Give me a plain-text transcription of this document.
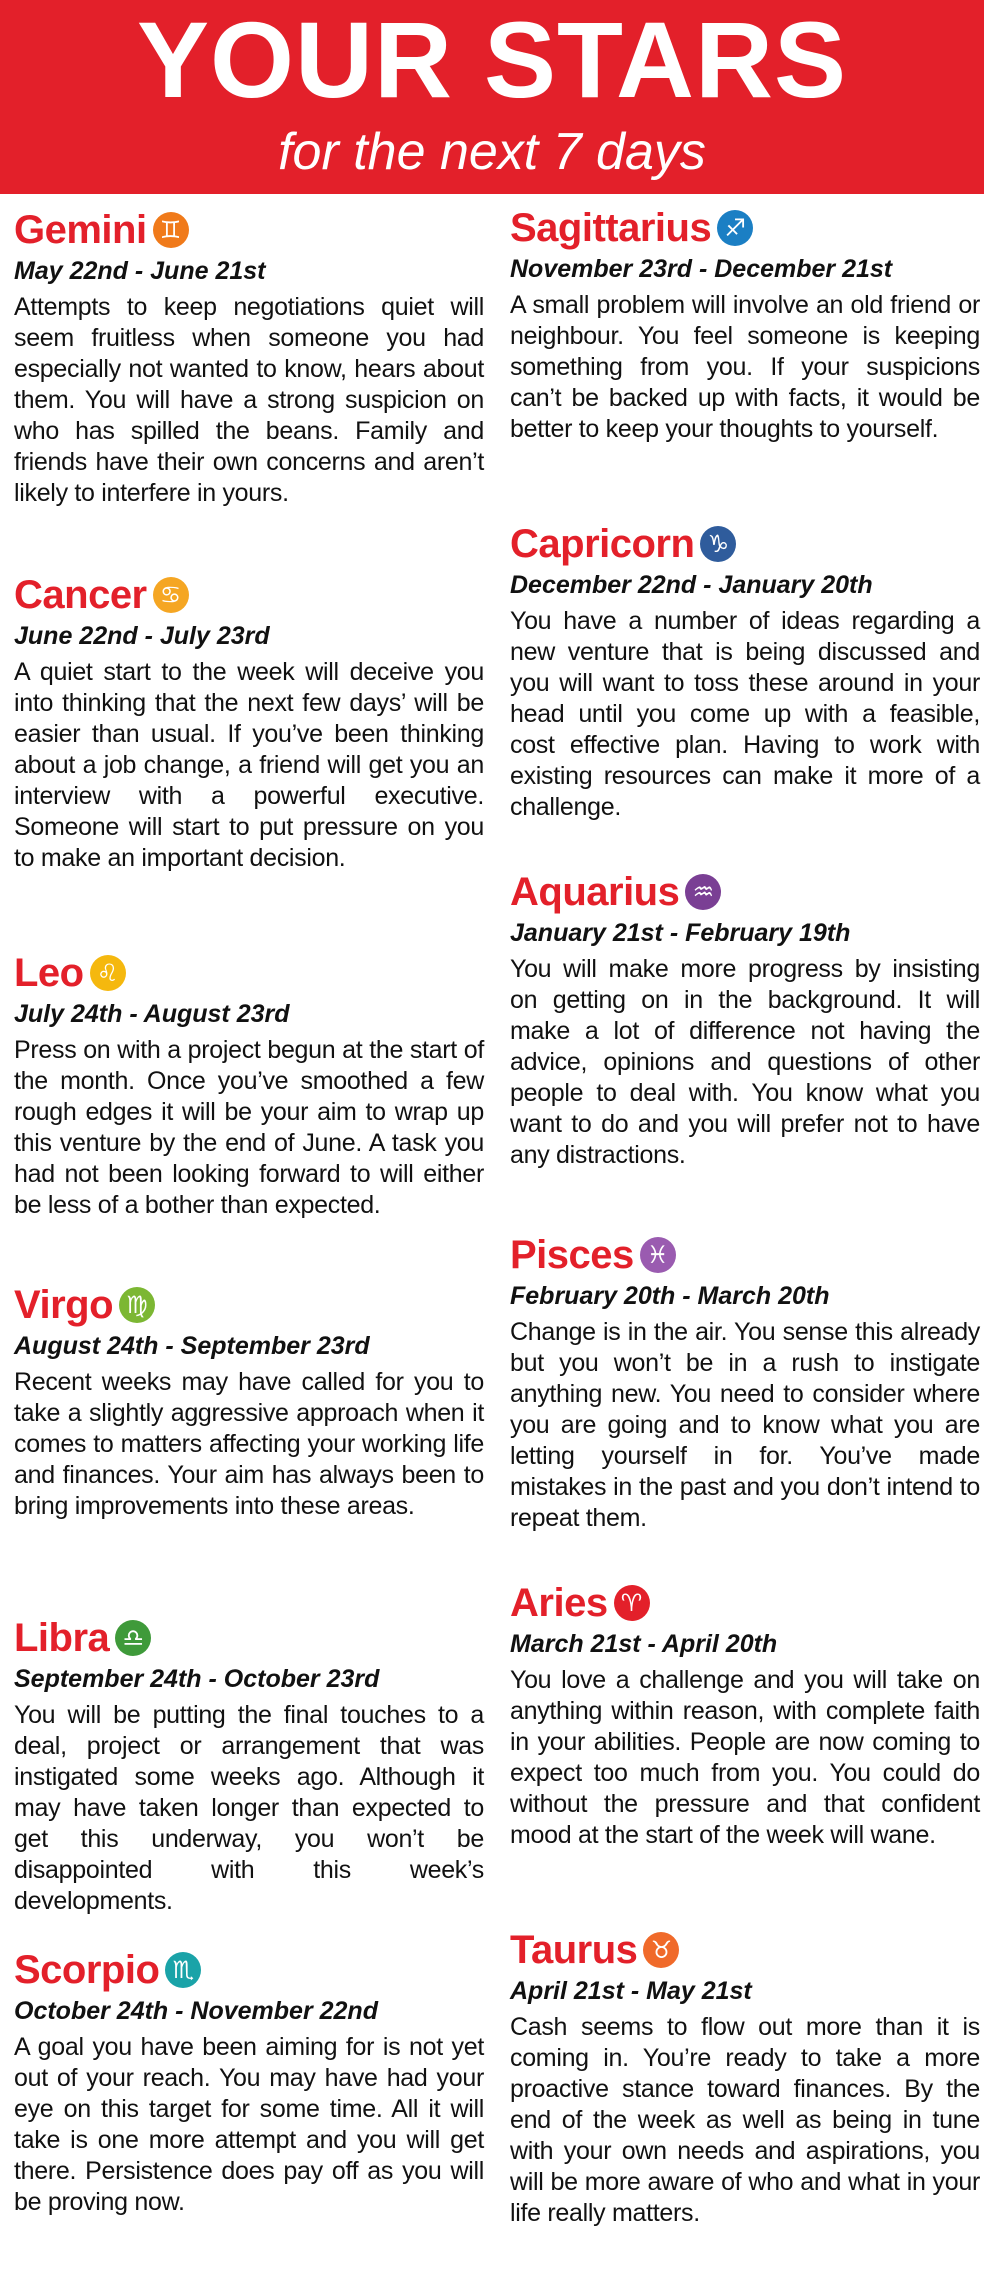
YOUR STARS
for the next 7 days
Gemini ♊
May 22nd - June 21st
Attempts to keep negotiations quiet will seem fruitless when someone you had especially not wanted to know, hears about them. You will have a strong suspicion on who has spilled the beans. Family and friends have their own concerns and aren’t likely to interfere in yours.
Cancer ♋
June 22nd - July 23rd
A quiet start to the week will deceive you into thinking that the next few days’ will be easier than usual. If you’ve been thinking about a job change, a friend will get you an interview with a powerful executive. Someone will start to put pressure on you to make an important decision.
Leo ♌
July 24th - August 23rd
Press on with a project begun at the start of the month. Once you’ve smoothed a few rough edges it will be your aim to wrap up this venture by the end of June. A task you had not been looking forward to will either be less of a bother than expected.
Virgo ♍
August 24th - September 23rd
Recent weeks may have called for you to take a slightly aggressive approach when it comes to matters affecting your working life and finances. Your aim has always been to bring improvements into these areas.
Libra ♎
September 24th - October 23rd
You will be putting the final touches to a deal, project or arrangement that was instigated some weeks ago. Although it may have taken longer than expected to get this underway, you won’t be disappointed with this week’s developments.
Scorpio ♏
October 24th - November 22nd
A goal you have been aiming for is not yet out of your reach. You may have had your eye on this target for some time. All it will take is one more attempt and you will get there. Persistence does pay off as you will be proving now.
Sagittarius ♐
November 23rd - December 21st
A small problem will involve an old friend or neighbour. You feel someone is keeping something from you. If your suspicions can’t be backed up with facts, it would be better to keep your thoughts to yourself.
Capricorn ♑
December 22nd - January 20th
You have a number of ideas regarding a new venture that is being discussed and you will want to toss these around in your head until you come up with a feasible, cost effective plan. Having to work with existing resources can make it more of a challenge.
Aquarius ♒
January 21st - February 19th
You will make more progress by insisting on getting on in the background. It will make a lot of difference not having the advice, opinions and questions of other people to deal with. You know what you want to do and you will prefer not to have any distractions.
Pisces ♓
February 20th - March 20th
Change is in the air. You sense this already but you won’t be in a rush to instigate anything new. You need to consider where you are going and to know what you are letting yourself in for. You’ve made mistakes in the past and you don’t intend to repeat them.
Aries ♈
March 21st - April 20th
You love a challenge and you will take on anything within reason, with complete faith in your abilities. People are now coming to expect too much from you. You could do without the pressure and that confident mood at the start of the week will wane.
Taurus ♉
April 21st - May 21st
Cash seems to flow out more than it is coming in. You’re ready to take a more proactive stance toward finances. By the end of the week as well as being in tune with your own needs and aspirations, you will be more aware of who and what in your life really matters.
